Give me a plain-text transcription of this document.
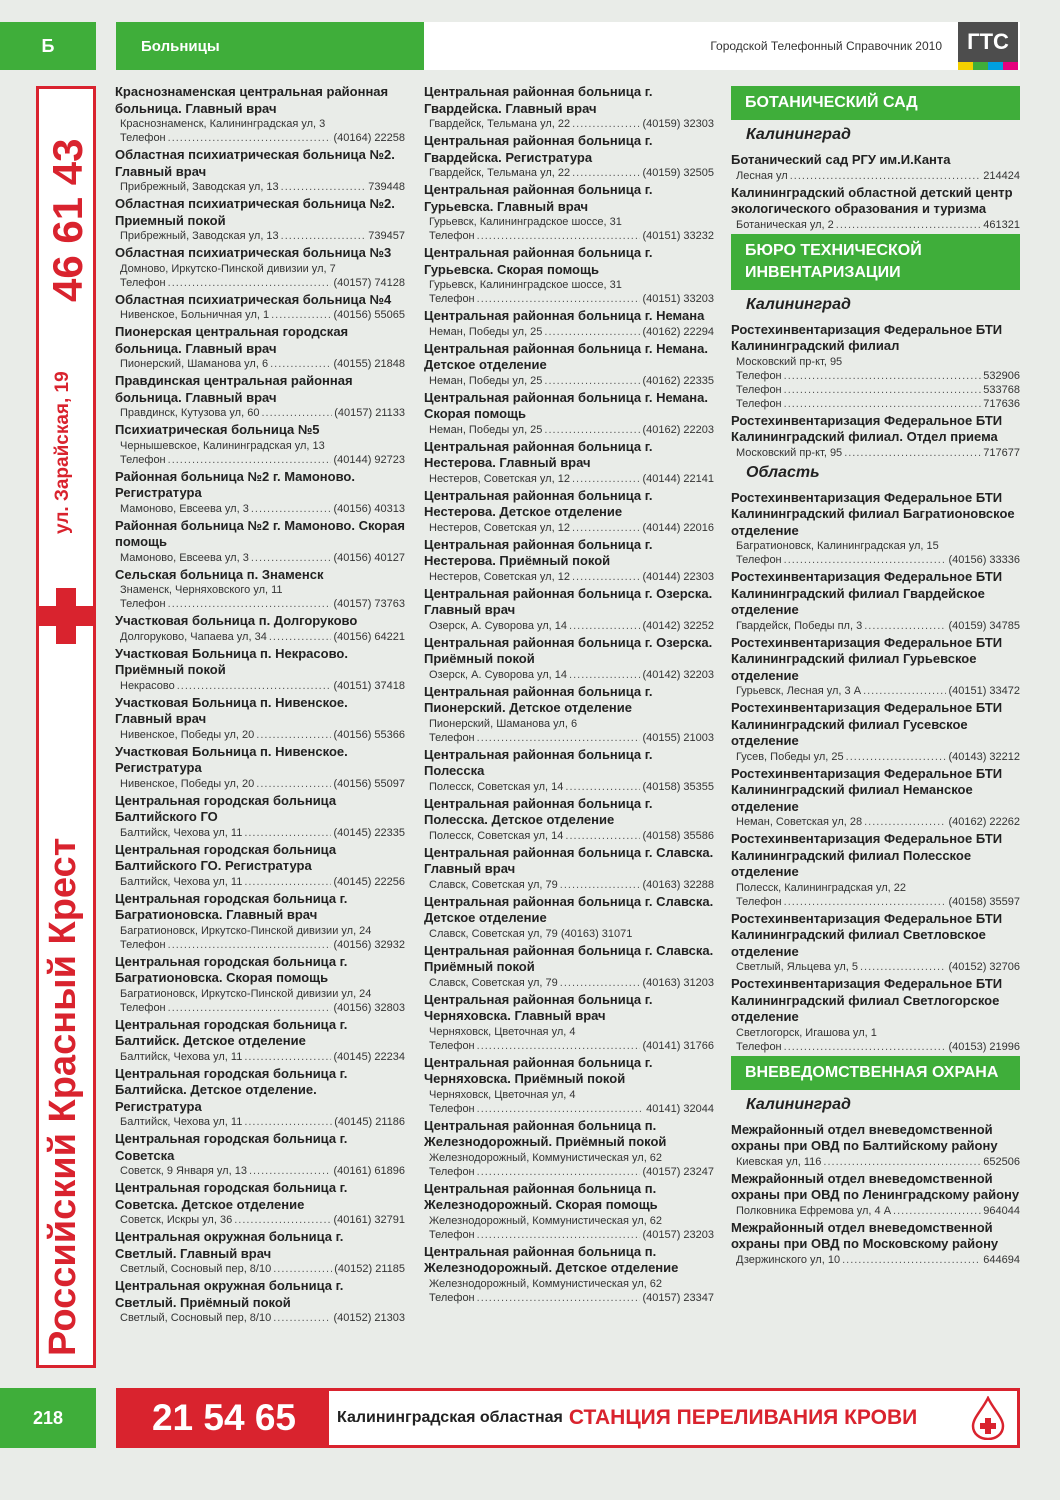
Б	Больницы	Городской Телефонный Справочник 2010	ГТС
46 61 43
ул. Зарайская, 19
Российский Красный Крест
Краснознаменская центральная районная больница. Главный врач
Краснознаменск, Калининградская ул, 3
Телефон .....	(40164) 22258
Областная психиатрическая больница №2. Главный врач
Прибрежный, Заводская ул, 13 .....	739448
Областная психиатрическая больница №2. Приемный покой
Прибрежный, Заводская ул, 13 .....	739457
Областная психиатрическая больница №3
Домново, Иркутско-Пинской дивизии ул, 7
Телефон .....	(40157) 74128
Областная психиатрическая больница №4
Нивенское, Больничная ул, 1 .....	(40156) 55065
Пионерская центральная городская больница. Главный врач
Пионерский, Шаманова ул, 6 .....	(40155) 21848
Правдинская центральная районная больница. Главный врач
Правдинск, Кутузова ул, 60 .....	(40157) 21133
Психиатрическая больница №5
Чернышевское, Калининградская ул, 13
Телефон .....	(40144) 92723
Районная больница №2 г. Мамоново. Регистратура
Мамоново, Евсеева ул, 3 .....	(40156) 40313
Районная больница №2 г. Мамоново. Скорая помощь
Мамоново, Евсеева ул, 3 .....	(40156) 40127
Сельская больница п. Знаменск
Знаменск, Черняховского ул, 11
Телефон .....	(40157) 73763
Участковая больница п. Долгоруково
Долгоруково, Чапаева ул, 34 .....	(40156) 64221
Участковая Больница п. Некрасово. Приёмный покой
Некрасово .....	(40151) 37418
Участковая Больница п. Нивенское. Главный врач
Нивенское, Победы ул, 20 .....	(40156) 55366
Участковая Больница п. Нивенское. Регистратура
Нивенское, Победы ул, 20 .....	(40156) 55097
Центральная городская больница Балтийского ГО
Балтийск, Чехова ул, 11 .....	(40145) 22335
Центральная городская больница Балтийского ГО. Регистратура
Балтийск, Чехова ул, 11 .....	(40145) 22256
Центральная городская больница г. Багратионовска. Главный врач
Багратионовск, Иркутско-Пинской дивизии ул, 24
Телефон .....	(40156) 32932
Центральная городская больница г. Багратионовска. Скорая помощь
Багратионовск, Иркутско-Пинской дивизии ул, 24
Телефон .....	(40156) 32803
Центральная городская больница г. Балтийск. Детское отделение
Балтийск, Чехова ул, 11 .....	(40145) 22234
Центральная городская больница г. Балтийска. Детское отделение. Регистратура
Балтийск, Чехова ул, 11 .....	(40145) 21186
Центральная городская больница г. Советска
Советск, 9 Января ул, 13 .....	(40161) 61896
Центральная городская больница г. Советска. Детское отделение
Советск, Искры ул, 36 .....	(40161) 32791
Центральная окружная больница г. Светлый. Главный врач
Светлый, Сосновый пер, 8/10 .....	(40152) 21185
Центральная окружная больница г. Светлый. Приёмный покой
Светлый, Сосновый пер, 8/10 .....	(40152) 21303
Центральная районная больница г. Гвардейска. Главный врач
Гвардейск, Тельмана ул, 22 .....	(40159) 32303
Центральная районная больница г. Гвардейска. Регистратура
Гвардейск, Тельмана ул, 22 .....	(40159) 32505
Центральная районная больница г. Гурьевска. Главный врач
Гурьевск, Калининградское шоссе, 31
Телефон .....	(40151) 33232
Центральная районная больница г. Гурьевска. Скорая помощь
Гурьевск, Калининградское шоссе, 31
Телефон .....	(40151) 33203
Центральная районная больница г. Немана
Неман, Победы ул, 25 .....	(40162) 22294
Центральная районная больница г. Немана. Детское отделение
Неман, Победы ул, 25 .....	(40162) 22335
Центральная районная больница г. Немана. Скорая помощь
Неман, Победы ул, 25 .....	(40162) 22203
Центральная районная больница г. Нестерова. Главный врач
Нестеров, Советская ул, 12 .....	(40144) 22141
Центральная районная больница г. Нестерова. Детское отделение
Нестеров, Советская ул, 12 .....	(40144) 22016
Центральная районная больница г. Нестерова. Приёмный покой
Нестеров, Советская ул, 12 .....	(40144) 22303
Центральная районная больница г. Озерска. Главный врач
Озерск, А. Суворова ул, 14 .....	(40142) 32252
Центральная районная больница г. Озерска. Приёмный покой
Озерск, А. Суворова ул, 14 .....	(40142) 32203
Центральная районная больница г. Пионерский. Детское отделение
Пионерский, Шаманова ул, 6
Телефон .....	(40155) 21003
Центральная районная больница г. Полесска
Полесск, Советская ул, 14 .....	(40158) 35355
Центральная районная больница г. Полесска. Детское отделение
Полесск, Советская ул, 14 .....	(40158) 35586
Центральная районная больница г. Славска. Главный врач
Славск, Советская ул, 79 .....	(40163) 32288
Центральная районная больница г. Славска. Детское отделение
Славск, Советская ул, 79 (40163) 31071
Центральная районная больница г. Славска. Приёмный покой
Славск, Советская ул, 79 .....	(40163) 31203
Центральная районная больница г. Черняховска. Главный врач
Черняховск, Цветочная ул, 4
Телефон .....	(40141) 31766
Центральная районная больница г. Черняховска. Приёмный покой
Черняховск, Цветочная ул, 4
Телефон .....	40141) 32044
Центральная районная больница п. Железнодорожный. Приёмный покой
Железнодорожный, Коммунистическая ул, 62
Телефон .....	(40157) 23247
Центральная районная больница п. Железнодорожный. Скорая помощь
Железнодорожный, Коммунистическая ул, 62
Телефон .....	(40157) 23203
Центральная районная больница п. Железнодорожный. Детское отделение
Железнодорожный, Коммунистическая ул, 62
Телефон .....	(40157) 23347
БОТАНИЧЕСКИЙ САД
Калининград
Ботанический сад РГУ им.И.Канта
Лесная ул .....	214424
Калининградский областной детский центр экологического образования и туризма
Ботаническая ул, 2 .....	461321
БЮРО ТЕХНИЧЕСКОЙ ИНВЕНТАРИЗАЦИИ
Калининград
Ростехинвентаризация Федеральное БТИ Калининградский филиал
Московский пр-кт, 95
Телефон .....	532906
Телефон .....	533768
Телефон .....	717636
Ростехинвентаризация Федеральное БТИ Калининградский филиал. Отдел приема
Московский пр-кт, 95 .....	717677
Область
Ростехинвентаризация Федеральное БТИ Калининградский филиал Багратионовское отделение
Багратионовск, Калининградская ул, 15
Телефон .....	(40156) 33336
Ростехинвентаризация Федеральное БТИ Калининградский филиал Гвардейское отделение
Гвардейск, Победы пл, 3 .....	(40159) 34785
Ростехинвентаризация Федеральное БТИ Калининградский филиал Гурьевское отделение
Гурьевск, Лесная ул, 3 А .....	(40151) 33472
Ростехинвентаризация Федеральное БТИ Калининградский филиал Гусевское отделение
Гусев, Победы ул, 25 .....	(40143) 32212
Ростехинвентаризация Федеральное БТИ Калининградский филиал Неманское отделение
Неман, Советская ул, 28 .....	(40162) 22262
Ростехинвентаризация Федеральное БТИ Калининградский филиал Полесское отделение
Полесск, Калининградская ул, 22
Телефон .....	(40158) 35597
Ростехинвентаризация Федеральное БТИ Калининградский филиал Светловское отделение
Светлый, Яльцева ул, 5 .....	(40152) 32706
Ростехинвентаризация Федеральное БТИ Калининградский филиал Светлогорское отделение
Светлогорск, Игашова ул, 1
Телефон .....	(40153) 21996
ВНЕВЕДОМСТВЕННАЯ ОХРАНА
Калининград
Межрайонный отдел вневедомственной охраны при ОВД по Балтийскому району
Киевская ул, 116 .....	652506
Межрайонный отдел вневедомственной охраны при ОВД по Ленинградскому району
Полковника Ефремова ул, 4 А .....	964044
Межрайонный отдел вневедомственной охраны при ОВД по Московскому району
Дзержинского ул, 10 .....	644694
218	21 54 65	Калининградская областная СТАНЦИЯ ПЕРЕЛИВАНИЯ КРОВИ
